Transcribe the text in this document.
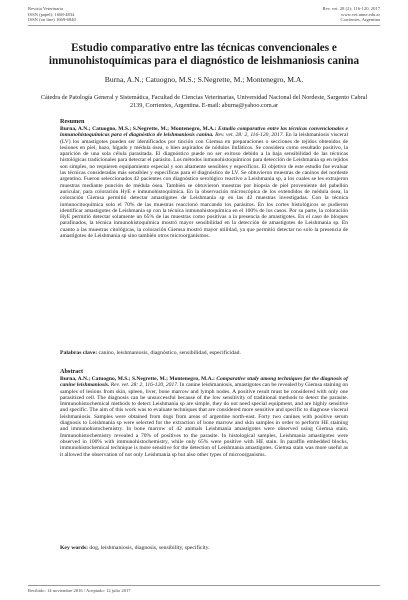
Revista Veterinaria
ISSN (papel): 1668-4834
ISSN (on line) 1669-6840
Rev. vet. 28 (2): 116-120, 2017
www.vet.unne.edu.ar
Corrientes, Argentina
Estudio comparativo entre las técnicas convencionales e
inmunohistoquímicas para el diagnóstico de leishmaniosis canina
Burna, A.N.; Catuogno, M.S.; S.Negrette, M.; Montenegro, M.A.
Cátedra de Patología General y Sistemática, Facultad de Ciencias Veterinarias, Universidad Nacional del Nordeste, Sargento Cabral 2139, Corrientes, Argentina. E-mail: aburna@yahoo.com.ar
Resumen
Burna, A.N.; Catuogno, M.S.; S.Negrette, M.; Montenegro, M.A.: Estudio comparativo entre las técnicas convencionales e inmunohistoquímicas para el diagnóstico de leishmaniosis canina. Rev. vet. 28: 2, 116-120, 2017. En la leishmaniosis visceral (LV) los amastigotes pueden ser identificados por tinción con Giemsa en preparaciones o secciones de tejidos obtenidos de lesiones en piel, bazo, hígado y médula ósea, o bien aspirados de nódulos linfáticos. Se considera como resultado positivo, la aparición de una sola célula parasitada. El diagnóstico puede no ser exitoso debido a la baja sensibilidad de las técnicas histológicas tradicionales para detectar el parásito. Los métodos inmunohistoquímicos para detección de Leishmania sp en tejidos son simples, no requieren equipamiento especial y son altamente sensibles y específicos. El objetivo de este estudio fue evaluar las técnicas consideradas más sensibles y específicas para el diagnóstico de LV. Se obtuvieron muestras de caninos del nordeste argentino. Fueron seleccionados 42 pacientes con diagnóstico serológico reactivo a Leishmania sp, a los cuales se les extrajeron muestras mediante punción de médula ósea. También se obtuvieron muestras por biopsia de piel proveniente del pabellón auricular, para coloración HyE e inmunohistoquímica. En la observación microscópica de los extendidos de médula ósea, la coloración Giemsa permitió detectar amastigotes de Leishmania sp en las 42 muestras investigadas. Con la técnica inmunocitoquímica solo el 70% de las muestras reaccionó marcando los parásitos. En los cortes histológicos se pudieron identificar amastigotes de Leishmania sp con la técnica inmunohistoquímica en el 100% de los casos. Por su parte, la coloración HyE permitió detectar solamente un 65% de las muestras como positivas a la presencia de amastigotes. En el caso de bloques parafinados, la técnica inmunohistoquímica mostró mayor sensibilidad en la detección de amastigotes de Leishmania sp. En cuanto a las muestras citológicas, la coloración Giemsa mostró mayor utilidad, ya que permitió detectar no solo la presencia de amastigotes de Leishmania sp sino también otros microorganismos.
Palabras clave: canino, leishmaniosis, diagnóstico, sensibilidad, especificidad.
Abstract
Burna, A.N.; Catuogno, M.S.; S.Negrette, M.; Montenegro, M.A.: Comparative study among techniques for the diagnosis of canine leishmaniosis. Rev. vet. 28: 2, 116-120, 2017. In canine leishmaniosis, amastigotes can be revealed by Giemsa staining on samples of lesions from skin, spleen, liver, bone marrow and lymph nodes. A positive result must be considered with only one parasitized cell. The diagnosis can be unsuccessful because of the low sensitivity of traditional methods to detect the parasite. Immunohistochemical methods to detect Leishmania sp are simple, they do not need special equipment, and are highly sensitive and specific. The aim of this work was to evaluate techniques that are considered more sensitive and specific to diagnose visceral leishmaniosis. Samples were obtained from dogs from areas of argentine north-east. Forty two canines with positive serum diagnosis to Leishmania sp were selected for the extraction of bone marrow and skin samples in order to perform HE staining and immunohistochemistry. In bone marrow of 42 animals Leishmania amastigotes were observed using Giemsa stain. Immunohistochemistry revealed a 70% of positives to the parasite. In histological samples, Leishmania amastigotes were observed in 100% with immunohistochemistry, while only 65% were positive with HE stain. In paraffin embedded blocks, immunohistochemical technique is more sensitive for the detection of Leishmania amastigotes. Giemsa stain was more useful as it allowed the observation of not only Leishmania sp but also other types of microorganisms.
Key words: dog, leishmaniosis, diagnosis, sensibility, specificity.
Recibido: 14 noviembre 2016 / Aceptado: 12 julio 2017
